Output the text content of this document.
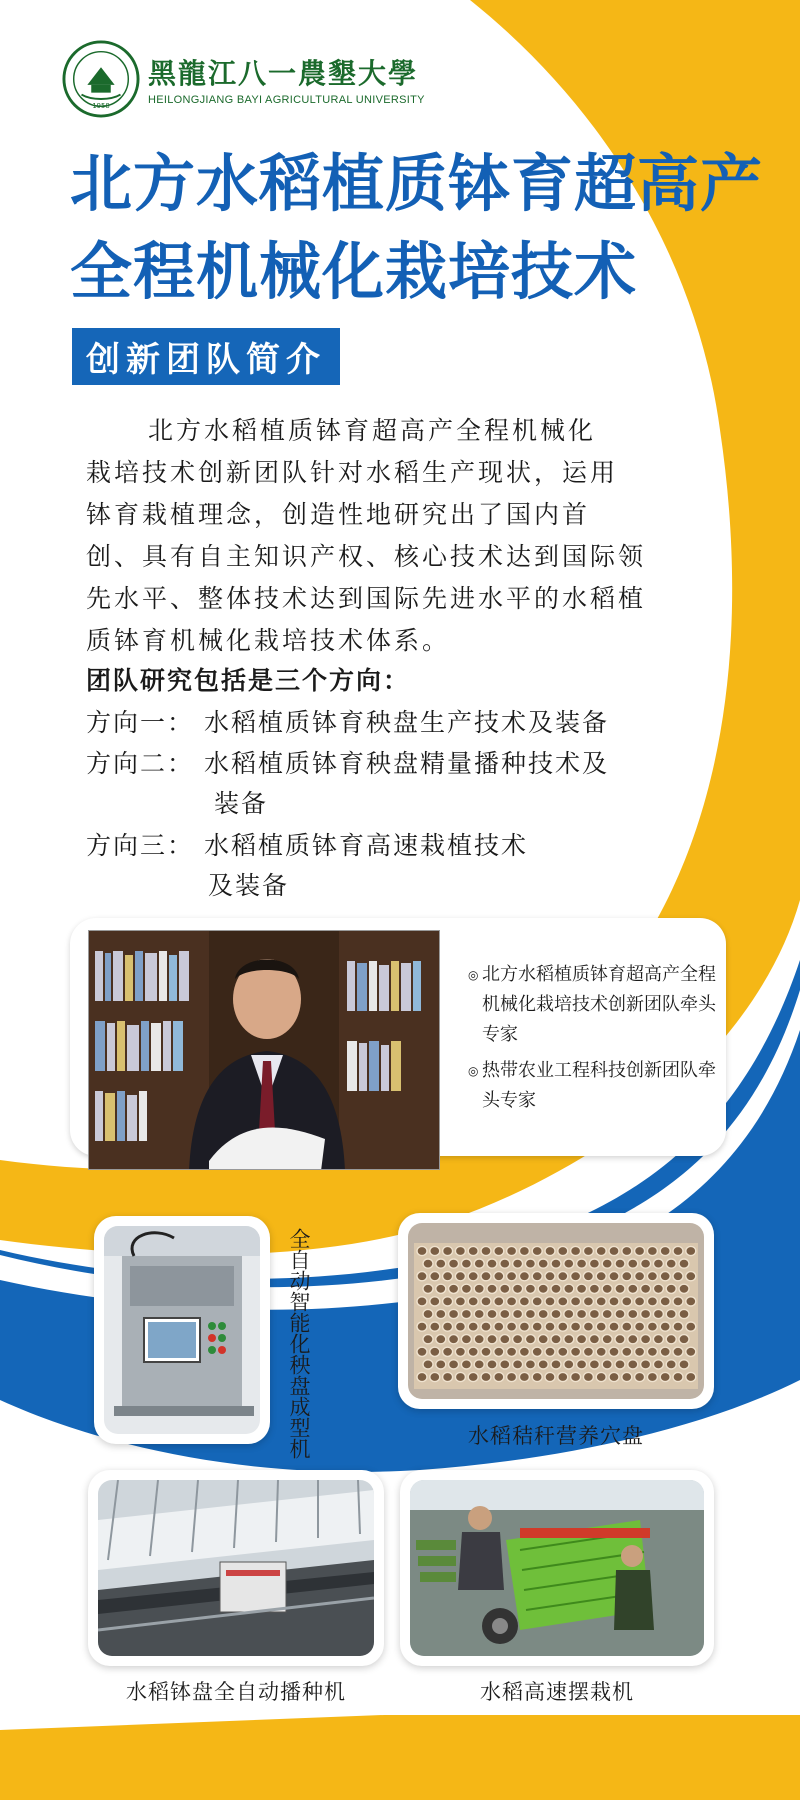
1958
黑龍江八一農墾大學
HEILONGJIANG BAYI AGRICULTURAL UNIVERSITY
北方水稻植质钵育超高产
全程机械化栽培技术
创新团队简介
北方水稻植质钵育超高产全程机械化
栽培技术创新团队针对水稻生产现状，运用
钵育栽植理念，创造性地研究出了国内首
创、具有自主知识产权、核心技术达到国际领
先水平、整体技术达到国际先进水平的水稻植
质钵育机械化栽培技术体系。
团队研究包括是三个方向：
方向一： 水稻植质钵育秧盘生产技术及装备
方向二： 水稻植质钵育秧盘精量播种技术及
装备
方向三： 水稻植质钵育高速栽植技术
及装备
◎ 北方水稻植质钵育超高产全程机械化栽培技术创新团队牵头专家
◎ 热带农业工程科技创新团队牵头专家
全自动智能化秧盘成型机	水稻秸秆营养穴盘
水稻钵盘全自动播种机	水稻高速摆栽机
